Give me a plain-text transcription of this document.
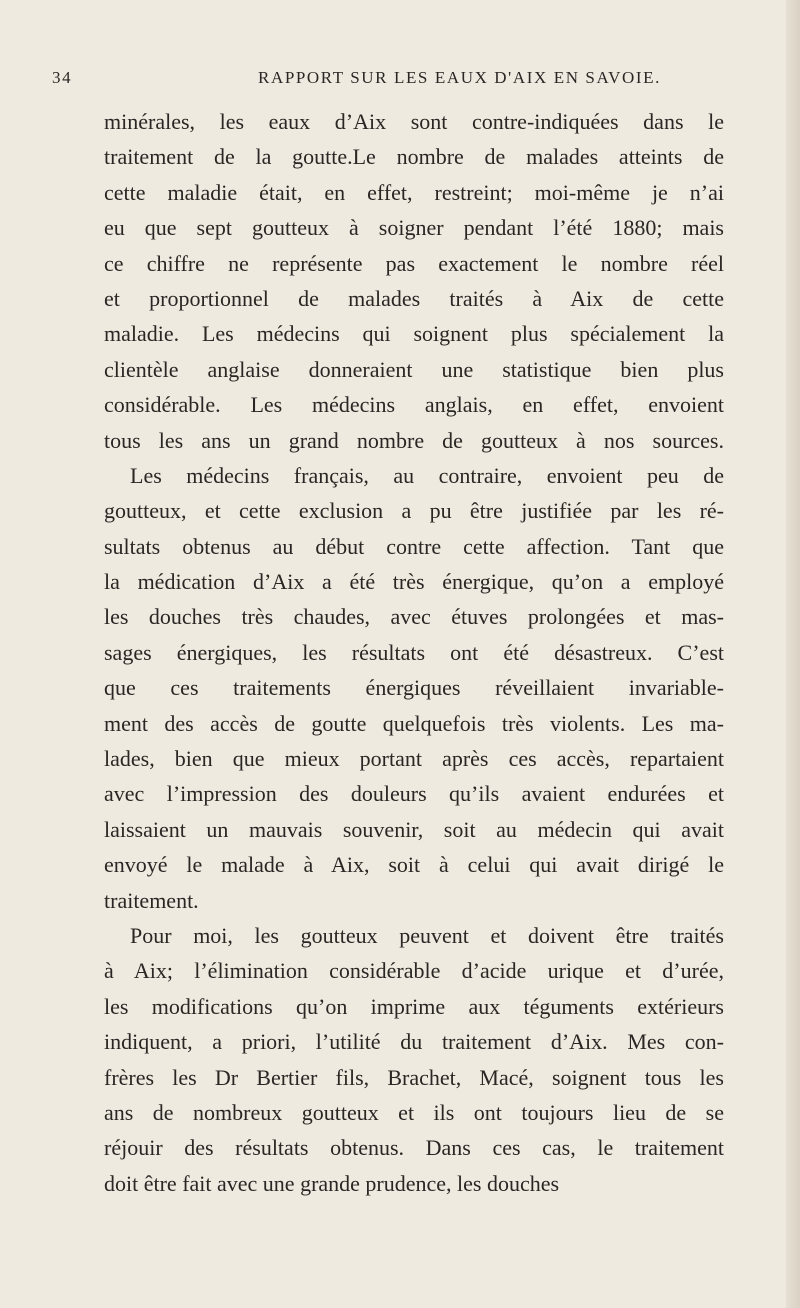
34	RAPPORT SUR LES EAUX D'AIX EN SAVOIE.
minérales, les eaux d’Aix sont contre-indiquées dans le
traitement de la goutte.Le nombre de malades atteints de
cette maladie était, en effet, restreint; moi-même je n’ai
eu que sept goutteux à soigner pendant l’été 1880; mais
ce chiffre ne représente pas exactement le nombre réel
et proportionnel de malades traités à Aix de cette
maladie. Les médecins qui soignent plus spécialement la
clientèle anglaise donneraient une statistique bien plus
considérable. Les médecins anglais, en effet, envoient
tous les ans un grand nombre de goutteux à nos sources.
Les médecins français, au contraire, envoient peu de
goutteux, et cette exclusion a pu être justifiée par les ré-
sultats obtenus au début contre cette affection. Tant que
la médication d’Aix a été très énergique, qu’on a employé
les douches très chaudes, avec étuves prolongées et mas-
sages énergiques, les résultats ont été désastreux. C’est
que ces traitements énergiques réveillaient invariable-
ment des accès de goutte quelquefois très violents. Les ma-
lades, bien que mieux portant après ces accès, repartaient
avec l’impression des douleurs qu’ils avaient endurées et
laissaient un mauvais souvenir, soit au médecin qui avait
envoyé le malade à Aix, soit à celui qui avait dirigé le
traitement.
Pour moi, les goutteux peuvent et doivent être traités
à Aix; l’élimination considérable d’acide urique et d’urée,
les modifications qu’on imprime aux téguments extérieurs
indiquent, a priori, l’utilité du traitement d’Aix. Mes con-
frères les Dr Bertier fils, Brachet, Macé, soignent tous les
ans de nombreux goutteux et ils ont toujours lieu de se
réjouir des résultats obtenus. Dans ces cas, le traitement
doit être fait avec une grande prudence, les douches
